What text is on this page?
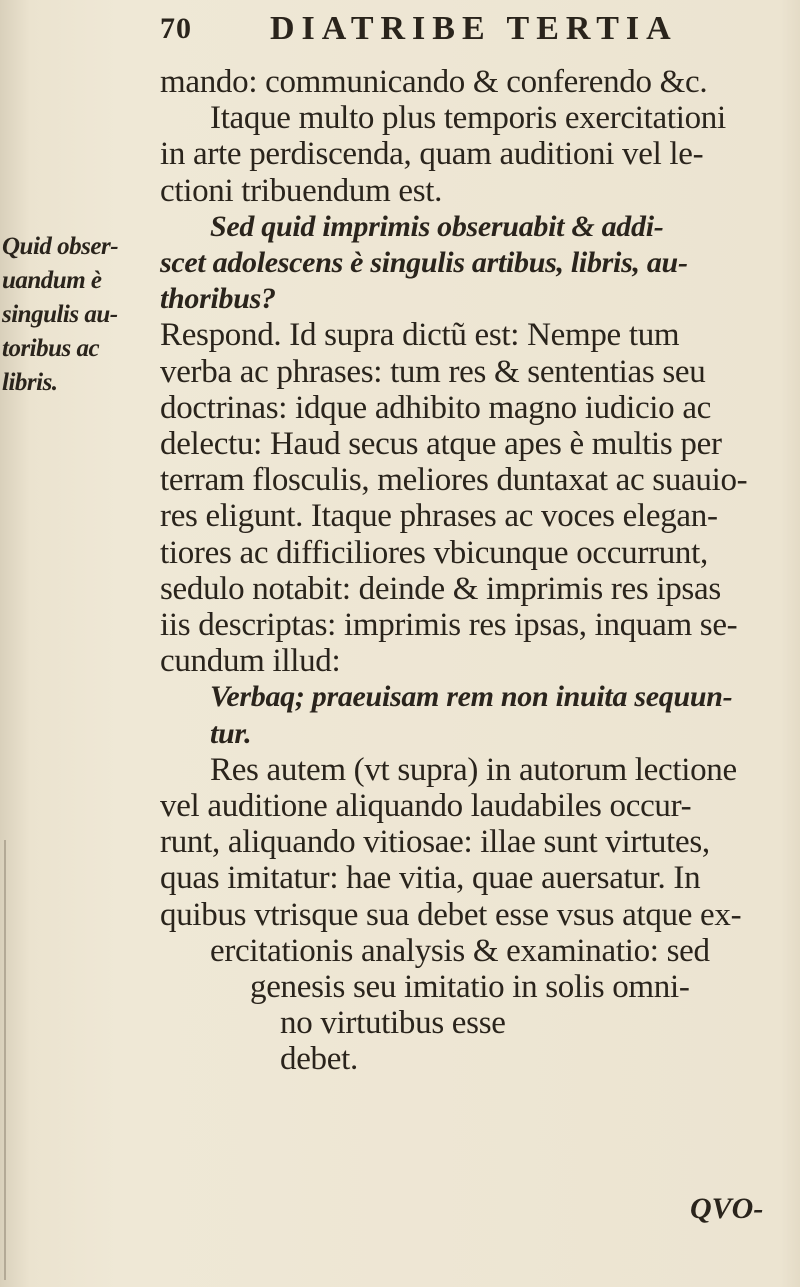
70 DIATRIBE TERTIA
Quid obser-
uandum è
singulis au-
toribus ac
libris.
mando: communicando & conferendo &c.
Itaque multo plus temporis exercitationi
in arte perdiscenda, quam auditioni vel le-
ctioni tribuendum est.
Sed quid imprimis obseruabit & addi-
scet adolescens è singulis artibus, libris, au-
thoribus?
Respond. Id supra dictũ est: Nempe tum
verba ac phrases: tum res & sententias seu
doctrinas: idque adhibito magno iudicio ac
delectu: Haud secus atque apes è multis per
terram flosculis, meliores duntaxat ac suauio-
res eligunt. Itaque phrases ac voces elegan-
tiores ac difficiliores vbicunque occurrunt,
sedulo notabit: deinde & imprimis res ipsas
iis descriptas: imprimis res ipsas, inquam se-
cundum illud:
Verbaq; praeuisam rem non inuita sequun-
tur.
Res autem (vt supra) in autorum lectione
vel auditione aliquando laudabiles occur-
runt, aliquando vitiosae: illae sunt virtutes,
quas imitatur: hae vitia, quae auersatur. In
quibus vtrisque sua debet esse vsus atque ex-
ercitationis analysis & examinatio: sed
genesis seu imitatio in solis omni-
no virtutibus esse
debet.
QVO-
